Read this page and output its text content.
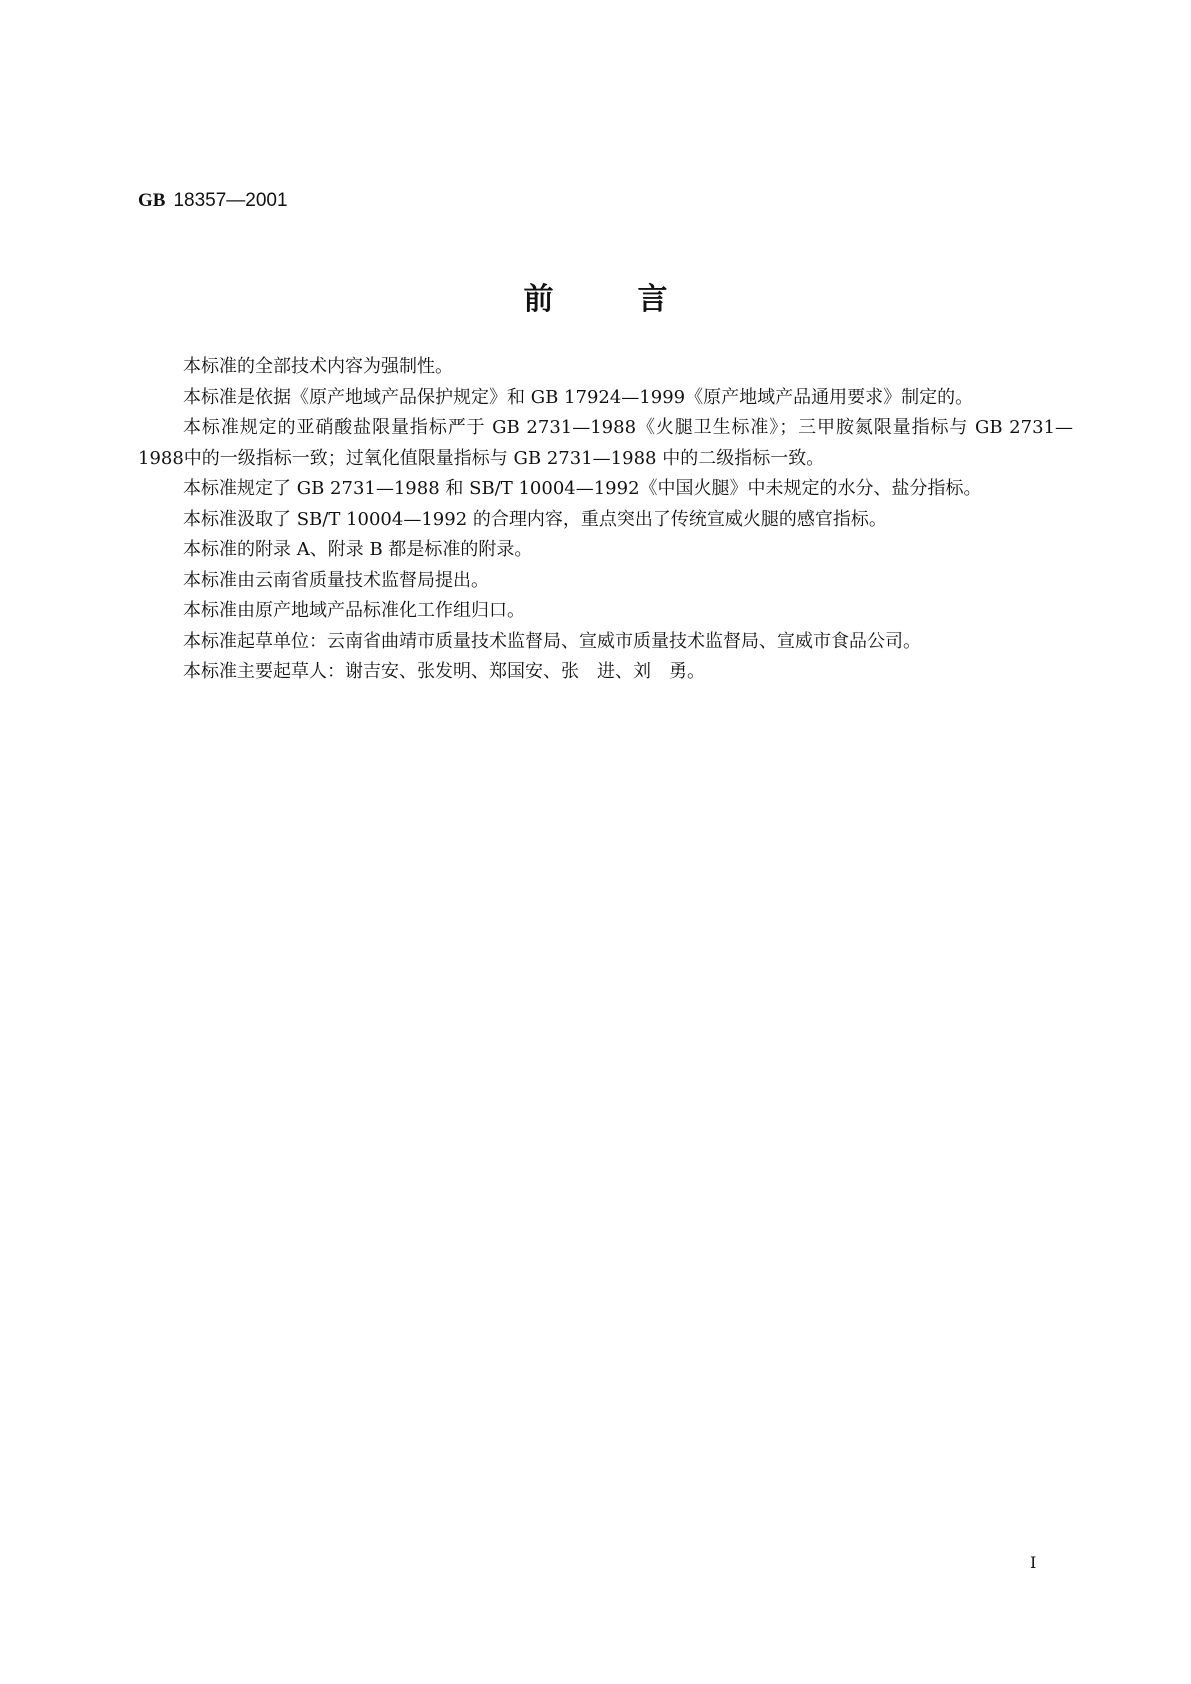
GB 18357—2001
前言

本标准的全部技术内容为强制性。

本标准是依据《原产地域产品保护规定》和 GB 17924—1999《原产地域产品通用要求》制定的。

本标准规定的亚硝酸盐限量指标严于 GB 2731—1988《火腿卫生标准》；三甲胺氮限量指标与 GB 2731—1988中的一级指标一致；过氧化值限量指标与 GB 2731—1988 中的二级指标一致。

本标准规定了 GB 2731—1988 和 SB/T 10004—1992《中国火腿》中未规定的水分、盐分指标。

本标准汲取了 SB/T 10004—1992 的合理内容，重点突出了传统宣威火腿的感官指标。

本标准的附录 A、附录 B 都是标准的附录。

本标准由云南省质量技术监督局提出。

本标准由原产地域产品标准化工作组归口。

本标准起草单位：云南省曲靖市质量技术监督局、宣威市质量技术监督局、宣威市食品公司。

本标准主要起草人：谢吉安、张发明、郑国安、张　进、刘　勇。

I
